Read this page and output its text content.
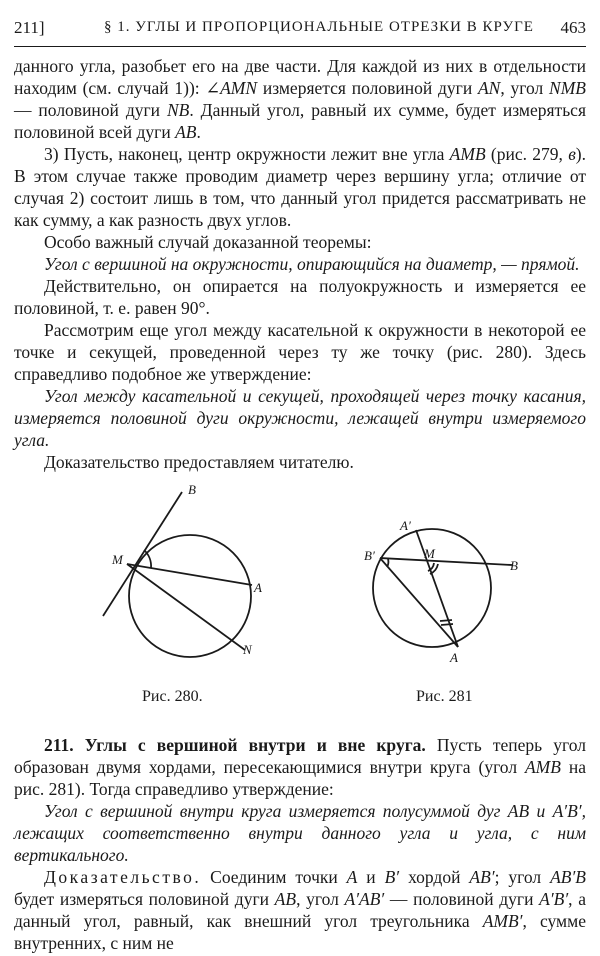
211]	§ 1. УГЛЫ И ПРОПОРЦИОНАЛЬНЫЕ ОТРЕЗКИ В КРУГЕ 463

данного угла, разобьет его на две части. Для каждой из них в отдельности находим (см. случай 1)): ∠AMN измеряется половиной дуги AN, угол NMB — половиной дуги NB. Данный угол, равный их сумме, будет измеряться половиной всей дуги AB.

3) Пусть, наконец, центр окружности лежит вне угла AMB (рис. 279, в). В этом случае также проводим диаметр через вершину угла; отличие от случая 2) состоит лишь в том, что данный угол придется рассматривать не как сумму, а как разность двух углов.

Особо важный случай доказанной теоремы:

Угол с вершиной на окружности, опирающийся на диаметр, — прямой.

Действительно, он опирается на полуокружность и измеряется ее половиной, т. е. равен 90°.

Рассмотрим еще угол между касательной к окружности в некоторой ее точке и секущей, проведенной через ту же точку (рис. 280). Здесь справедливо подобное же утверждение:

Угол между касательной и секущей, проходящей через точку касания, измеряется половиной дуги окружности, лежащей внутри измеряемого угла.

Доказательство предоставляем читателю.

B
M
A
N
A′
B′	M
B
A
Рис. 280.	Рис. 281

211. Углы с вершиной внутри и вне круга. Пусть теперь угол образован двумя хордами, пересекающимися внутри круга (угол AMB на рис. 281). Тогда справедливо утверждение:

Угол с вершиной внутри круга измеряется полусуммой дуг AB и A′B′, лежащих соответственно внутри данного угла и угла, с ним вертикального.

Доказательство. Соединим точки A и B′ хордой AB′; угол AB′B будет измеряться половиной дуги AB, угол A′AB′ — половиной дуги A′B′, а данный угол, равный, как внешний угол треугольника AMB′, сумме внутренних, с ним не
